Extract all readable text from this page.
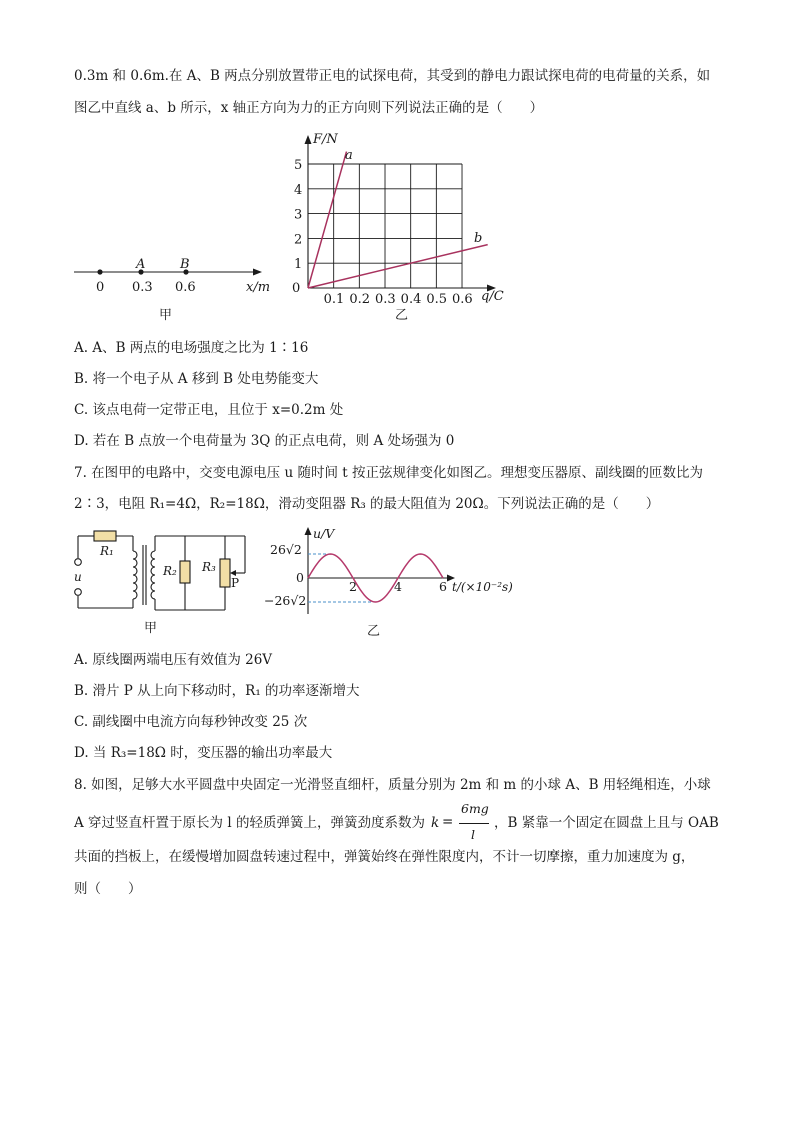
0.3m 和 0.6m.在 A、B 两点分别放置带正电的试探电荷，其受到的静电力跟试探电荷的电荷量的关系，如
图乙中直线 a、b 所示，x 轴正方向为力的正方向则下列说法正确的是（　　）
A	B
0 0.3 0.6	x/m
甲
0.1 0.2 0.3 0.4 0.5 0.6
1
2
3
4
5
F/N
q/C
0
a
b
乙
A. A、B 两点的电场强度之比为 1∶16
B. 将一个电子从 A 移到 B 处电势能变大
C. 该点电荷一定带正电，且位于 x=0.2m 处
D. 若在 B 点放一个电荷量为 3Q 的正点电荷，则 A 处场强为 0
7. 在图甲的电路中，交变电源电压 u 随时间 t 按正弦规律变化如图乙。理想变压器原、副线圈的匝数比为
2∶3，电阻 R₁=4Ω，R₂=18Ω，滑动变阻器 R₃ 的最大阻值为 20Ω。下列说法正确的是（　　）
R₁
R₂ R₃
u	P
甲
2	4	6
u/V
t/(×10⁻²s)
26√2
0
−26√2
乙
A. 原线圈两端电压有效值为 26V
B. 滑片 P 从上向下移动时，R₁ 的功率逐渐增大
C. 副线圈中电流方向每秒钟改变 25 次
D. 当 R₃=18Ω 时，变压器的输出功率最大
8. 如图，足够大水平圆盘中央固定一光滑竖直细杆，质量分别为 2m 和 m 的小球 A、B 用轻绳相连，小球
A 穿过竖直杆置于原长为 l 的轻质弹簧上，弹簧劲度系数为 k =
6mg
l
，B 紧靠一个固定在圆盘上且与 OAB
共面的挡板上，在缓慢增加圆盘转速过程中，弹簧始终在弹性限度内，不计一切摩擦，重力加速度为 g，
则（　　）
